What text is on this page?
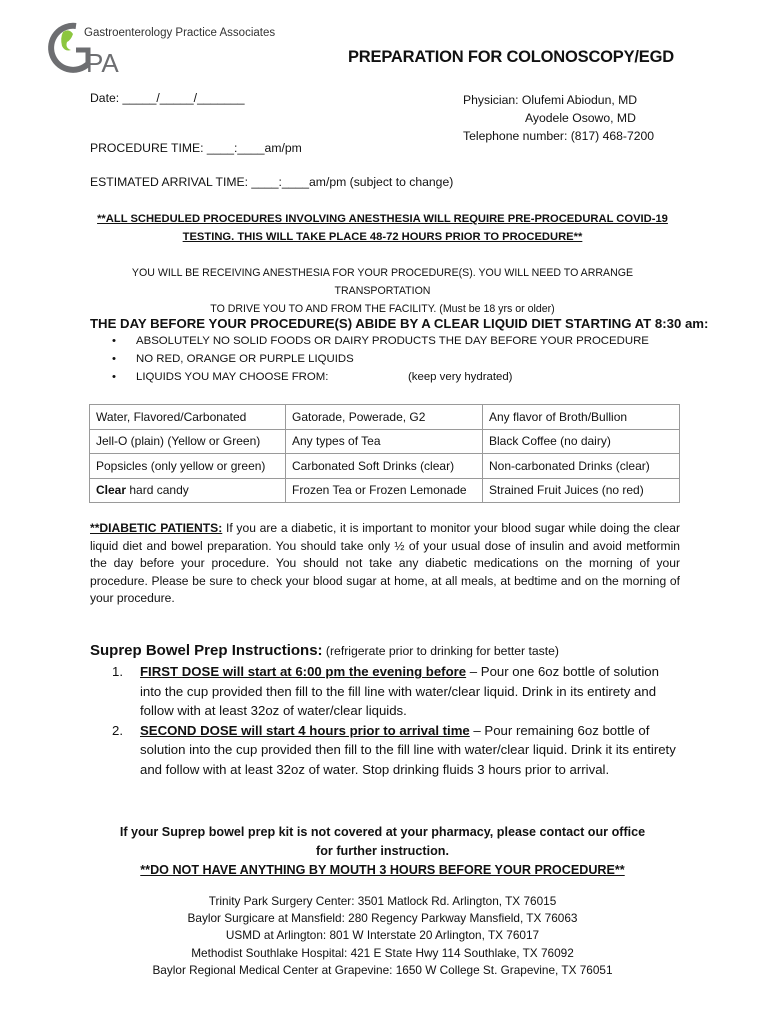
PA
Gastroenterology Practice Associates
PREPARATION FOR COLONOSCOPY/EGD
Date: _____/_____/_______
PROCEDURE TIME: ____:____am/pm
ESTIMATED ARRIVAL TIME: ____:____am/pm (subject to change)
Physician: Olufemi Abiodun, MD
Ayodele Osowo, MD
Telephone number: (817) 468-7200
**ALL SCHEDULED PROCEDURES INVOLVING ANESTHESIA WILL REQUIRE PRE-PROCEDURAL COVID-19
TESTING. THIS WILL TAKE PLACE 48-72 HOURS PRIOR TO PROCEDURE**
YOU WILL BE RECEIVING ANESTHESIA FOR YOUR PROCEDURE(S). YOU WILL NEED TO ARRANGE TRANSPORTATION
TO DRIVE YOU TO AND FROM THE FACILITY. (Must be 18 yrs or older)
THE DAY BEFORE YOUR PROCEDURE(S) ABIDE BY A CLEAR LIQUID DIET STARTING AT 8:30 am:
• ABSOLUTELY NO SOLID FOODS OR DAIRY PRODUCTS THE DAY BEFORE YOUR PROCEDURE
• NO RED, ORANGE OR PURPLE LIQUIDS
• LIQUIDS YOU MAY CHOOSE FROM:	(keep very hydrated)
Water, Flavored/Carbonated	Gatorade, Powerade, G2	Any flavor of Broth/Bullion
Jell-O (plain) (Yellow or Green)	Any types of Tea	Black Coffee (no dairy)
Popsicles (only yellow or green)	Carbonated Soft Drinks (clear)	Non-carbonated Drinks (clear)
Clear hard candy	Frozen Tea or Frozen Lemonade	Strained Fruit Juices (no red)
**DIABETIC PATIENTS: If you are a diabetic, it is important to monitor your blood sugar while doing the clear liquid diet and bowel preparation. You should take only ½ of your usual dose of insulin and avoid metformin the day before your procedure. You should not take any diabetic medications on the morning of your procedure. Please be sure to check your blood sugar at home, at all meals, at bedtime and on the morning of your procedure.
Suprep Bowel Prep Instructions: (refrigerate prior to drinking for better taste)
1. FIRST DOSE will start at 6:00 pm the evening before – Pour one 6oz bottle of solution into the cup provided then fill to the fill line with water/clear liquid. Drink in its entirety and follow with at least 32oz of water/clear liquids.
2. SECOND DOSE will start 4 hours prior to arrival time – Pour remaining 6oz bottle of solution into the cup provided then fill to the fill line with water/clear liquid. Drink it its entirety and follow with at least 32oz of water. Stop drinking fluids 3 hours prior to arrival.
If your Suprep bowel prep kit is not covered at your pharmacy, please contact our office
for further instruction.
**DO NOT HAVE ANYTHING BY MOUTH 3 HOURS BEFORE YOUR PROCEDURE**
Trinity Park Surgery Center: 3501 Matlock Rd. Arlington, TX 76015
Baylor Surgicare at Mansfield: 280 Regency Parkway Mansfield, TX 76063
USMD at Arlington: 801 W Interstate 20 Arlington, TX 76017
Methodist Southlake Hospital: 421 E State Hwy 114 Southlake, TX 76092
Baylor Regional Medical Center at Grapevine: 1650 W College St. Grapevine, TX 76051
